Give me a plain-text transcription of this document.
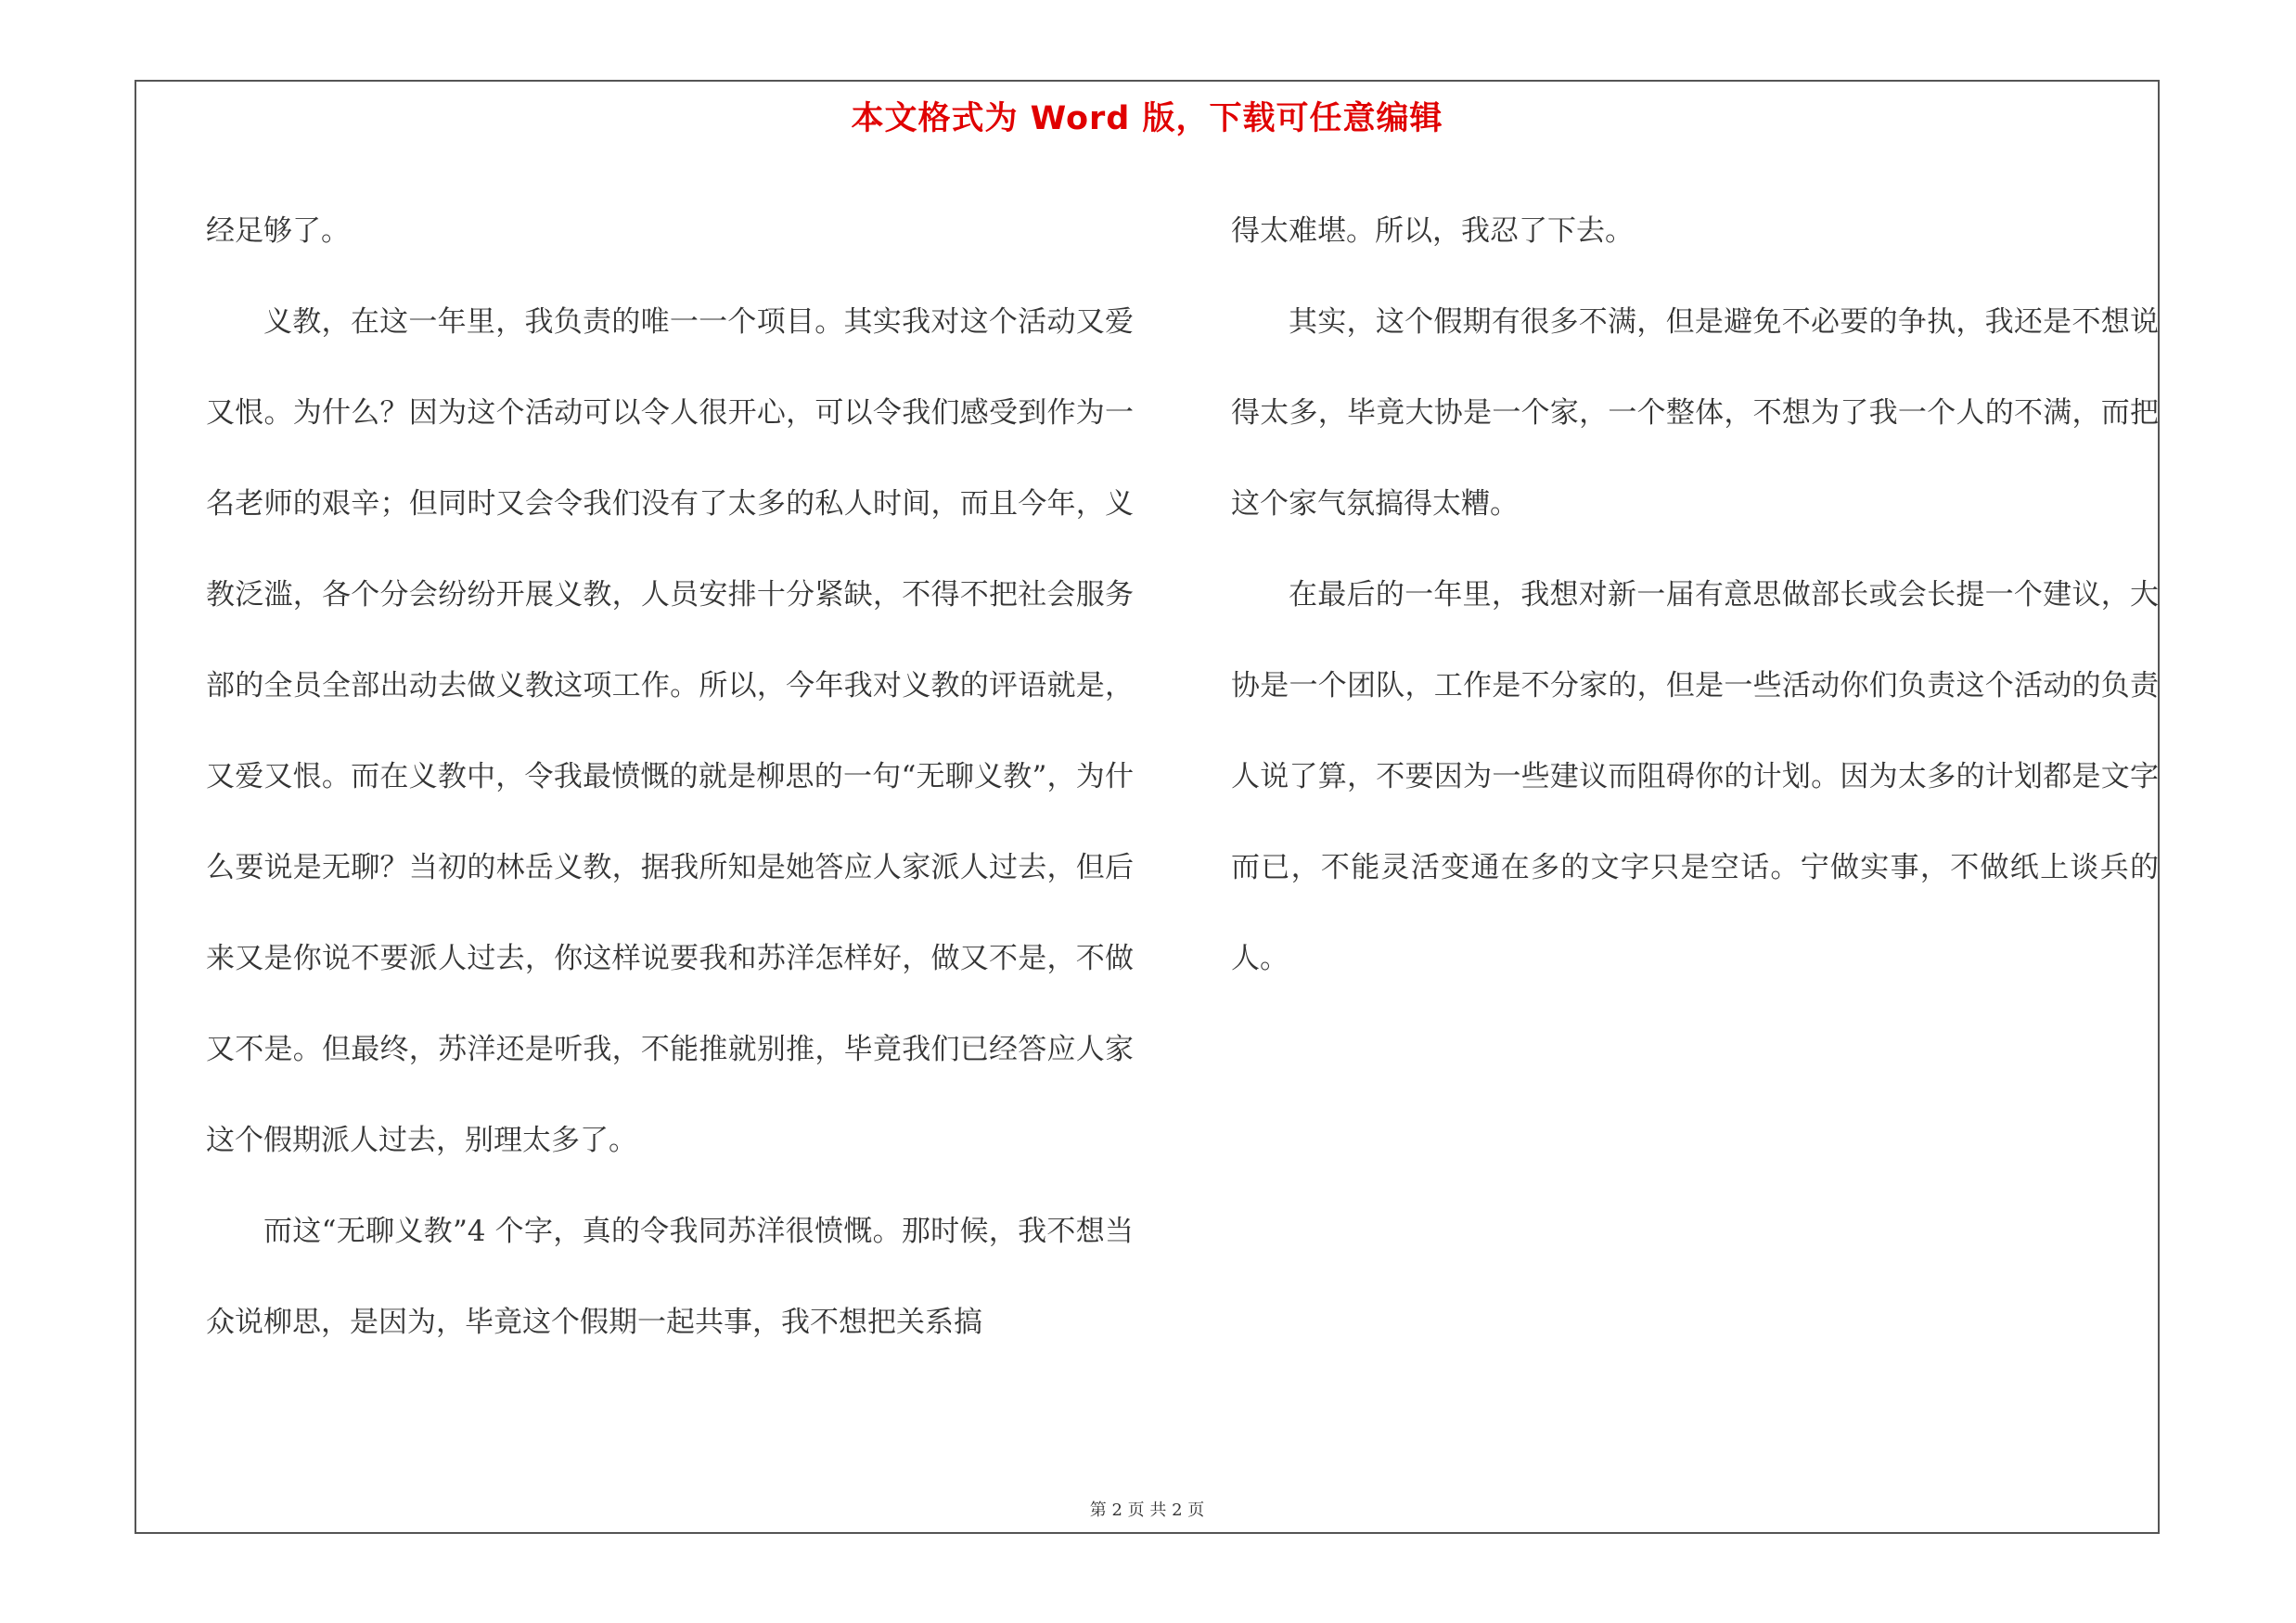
本文格式为 Word 版，下载可任意编辑

经足够了。

义教，在这一年里，我负责的唯一一个项目。其实我对这个活动又爱又恨。为什么？因为这个活动可以令人很开心，可以令我们感受到作为一名老师的艰辛；但同时又会令我们没有了太多的私人时间，而且今年，义教泛滥，各个分会纷纷开展义教，人员安排十分紧缺，不得不把社会服务部的全员全部出动去做义教这项工作。所以，今年我对义教的评语就是，又爱又恨。而在义教中，令我最愤慨的就是柳思的一句“无聊义教”，为什么要说是无聊？当初的林岳义教，据我所知是她答应人家派人过去，但后来又是你说不要派人过去，你这样说要我和苏洋怎样好，做又不是，不做又不是。但最终，苏洋还是听我，不能推就别推，毕竟我们已经答应人家这个假期派人过去，别理太多了。

而这“无聊义教”4 个字，真的令我同苏洋很愤慨。那时候，我不想当众说柳思，是因为，毕竟这个假期一起共事，我不想把关系搞

得太难堪。所以，我忍了下去。

其实，这个假期有很多不满，但是避免不必要的争执，我还是不想说得太多，毕竟大协是一个家，一个整体，不想为了我一个人的不满，而把这个家气氛搞得太糟。

在最后的一年里，我想对新一届有意思做部长或会长提一个建议，大协是一个团队，工作是不分家的，但是一些活动你们负责这个活动的负责人说了算，不要因为一些建议而阻碍你的计划。因为太多的计划都是文字而已，不能灵活变通在多的文字只是空话。宁做实事，不做纸上谈兵的人。

第 2 页 共 2 页
